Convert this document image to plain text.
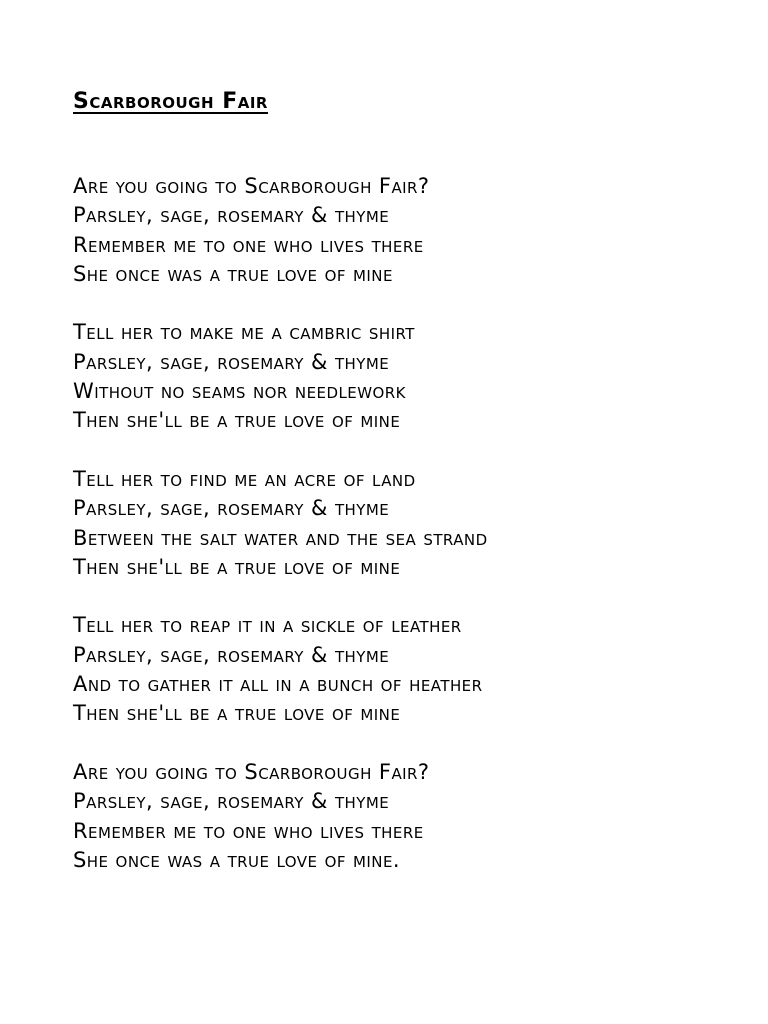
Scarborough Fair
Are you going to Scarborough Fair?
Parsley, sage, rosemary & thyme
Remember me to one who lives there
She once was a true love of mine
Tell her to make me a cambric shirt
Parsley, sage, rosemary & thyme
Without no seams nor needlework
Then she'll be a true love of mine
Tell her to find me an acre of land
Parsley, sage, rosemary & thyme
Between the salt water and the sea strand
Then she'll be a true love of mine
Tell her to reap it in a sickle of leather
Parsley, sage, rosemary & thyme
And to gather it all in a bunch of heather
Then she'll be a true love of mine
Are you going to Scarborough Fair?
Parsley, sage, rosemary & thyme
Remember me to one who lives there
She once was a true love of mine.
